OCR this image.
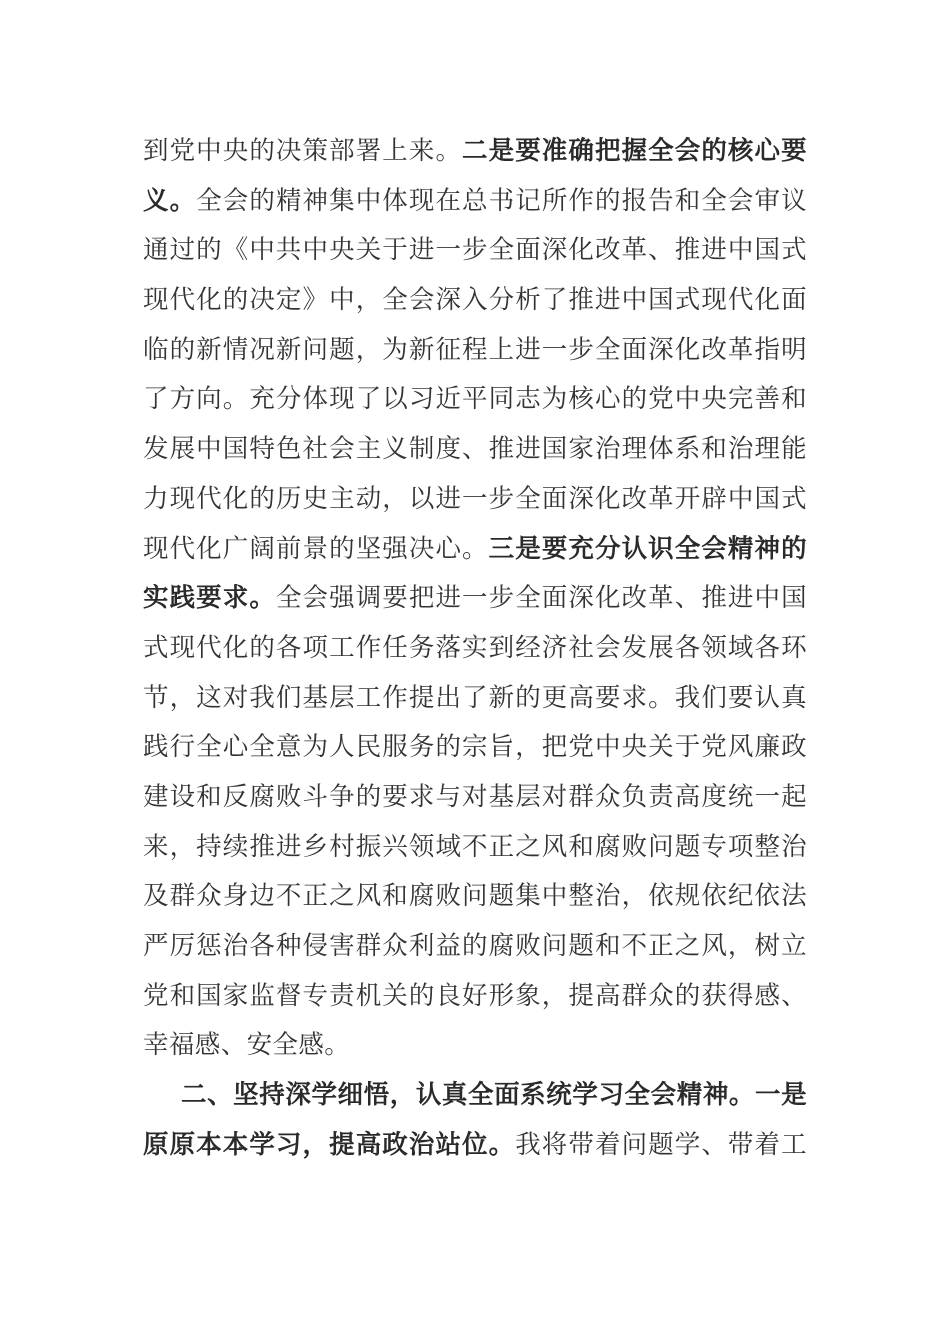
到党中央的决策部署上来。二是要准确把握全会的核心要
义。全会的精神集中体现在总书记所作的报告和全会审议
通过的《中共中央关于进一步全面深化改革、推进中国式
现代化的决定》中，全会深入分析了推进中国式现代化面
临的新情况新问题，为新征程上进一步全面深化改革指明
了方向。充分体现了以习近平同志为核心的党中央完善和
发展中国特色社会主义制度、推进国家治理体系和治理能
力现代化的历史主动，以进一步全面深化改革开辟中国式
现代化广阔前景的坚强决心。三是要充分认识全会精神的
实践要求。全会强调要把进一步全面深化改革、推进中国
式现代化的各项工作任务落实到经济社会发展各领域各环
节，这对我们基层工作提出了新的更高要求。我们要认真
践行全心全意为人民服务的宗旨，把党中央关于党风廉政
建设和反腐败斗争的要求与对基层对群众负责高度统一起
来，持续推进乡村振兴领域不正之风和腐败问题专项整治
及群众身边不正之风和腐败问题集中整治，依规依纪依法
严厉惩治各种侵害群众利益的腐败问题和不正之风，树立
党和国家监督专责机关的良好形象，提高群众的获得感、
幸福感、安全感。
二、坚持深学细悟，认真全面系统学习全会精神。一是
原原本本学习，提高政治站位。我将带着问题学、带着工
